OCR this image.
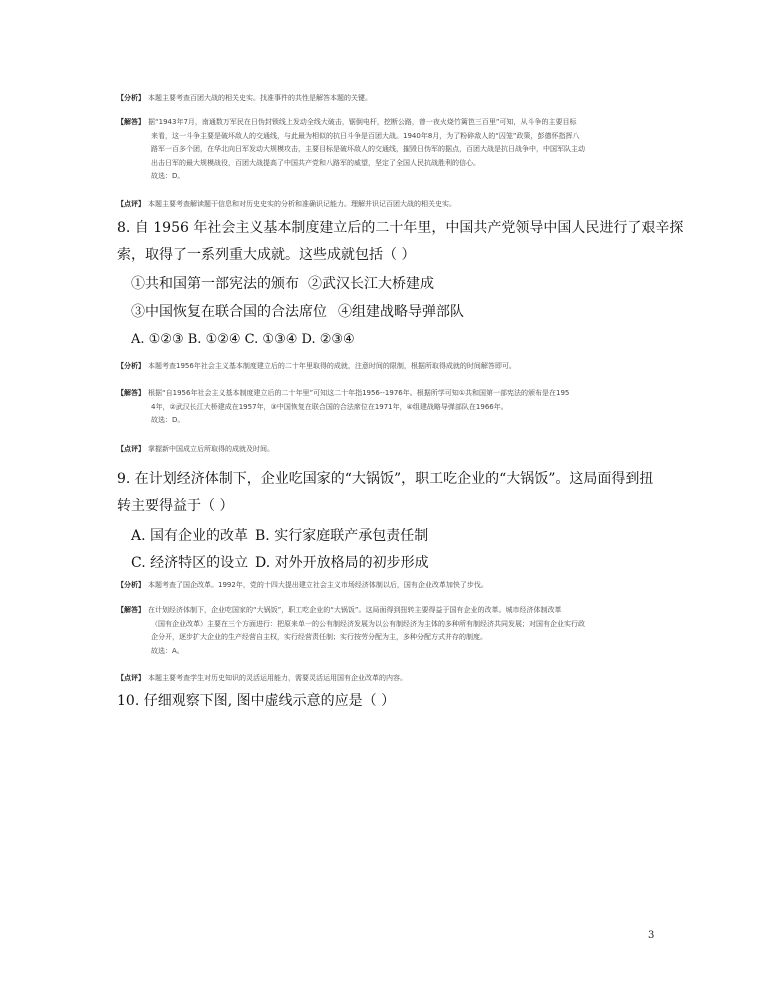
【分析】 本题主要考查百团大战的相关史实。找准事件的共性是解答本题的关键。
【解答】 据“1943年7月，南通数万军民在日伪封锁线上发动全线大破击，锯倒电杆，挖断公路，曾一夜火烧竹篱笆三百里”可知，从斗争的主要目标
来看，这一斗争主要是破坏敌人的交通线，与此最为相似的抗日斗争是百团大战。1940年8月，为了粉碎敌人的“囚笼”政策，彭德怀指挥八
路军一百多个团，在华北向日军发动大规模攻击，主要目标是破坏敌人的交通线，摧毁日伪军的据点，百团大战是抗日战争中，中国军队主动
出击日军的最大规模战役，百团大战提高了中国共产党和八路军的威望，坚定了全国人民抗战胜利的信心。
故选：D。
【点评】 本题主要考查解读题干信息和对历史史实的分析和准确识记能力。理解并识记百团大战的相关史实。
8. 自 1956 年社会主义基本制度建立后的二十年里，中国共产党领导中国人民进行了艰辛探
索，取得了一系列重大成就。这些成就包括（ ）
①共和国第一部宪法的颁布 ②武汉长江大桥建成
③中国恢复在联合国的合法席位 ④组建战略导弹部队
A. ①②③ B. ①②④ C. ①③④ D. ②③④
【分析】 本题考查1956年社会主义基本制度建立后的二十年里取得的成就，注意时间的限制，根据所取得成就的时间解答即可。
【解答】 根据“自1956年社会主义基本制度建立后的二十年里”可知这二十年指1956--1976年。根据所学可知①共和国第一部宪法的颁布是在195
4年，②武汉长江大桥建成在1957年，③中国恢复在联合国的合法席位在1971年，④组建战略导弹部队在1966年。
故选：D。
【点评】 掌握新中国成立后所取得的成就及时间。
9. 在计划经济体制下，企业吃国家的“大锅饭”，职工吃企业的“大锅饭”。这局面得到扭
转主要得益于（ ）
A. 国有企业的改革 B. 实行家庭联产承包责任制
C. 经济特区的设立 D. 对外开放格局的初步形成
【分析】 本题考查了国企改革。1992年，党的十四大提出建立社会主义市场经济体制以后，国有企业改革加快了步伐。
【解答】 在计划经济体制下，企业吃国家的“大锅饭”，职工吃企业的“大锅饭”。这局面得到扭转主要得益于国有企业的改革。城市经济体制改革
（国有企业改革）主要在三个方面进行：把原来单一的公有制经济发展为以公有制经济为主体的多种所有制经济共同发展；对国有企业实行政
企分开，逐步扩大企业的生产经营自主权，实行经营责任制；实行按劳分配为主，多种分配方式并存的制度。
故选：A。
【点评】 本题主要考查学生对历史知识的灵活运用能力，需要灵活运用国有企业改革的内容。
10. 仔细观察下图, 图中虚线示意的应是（ ）
3
